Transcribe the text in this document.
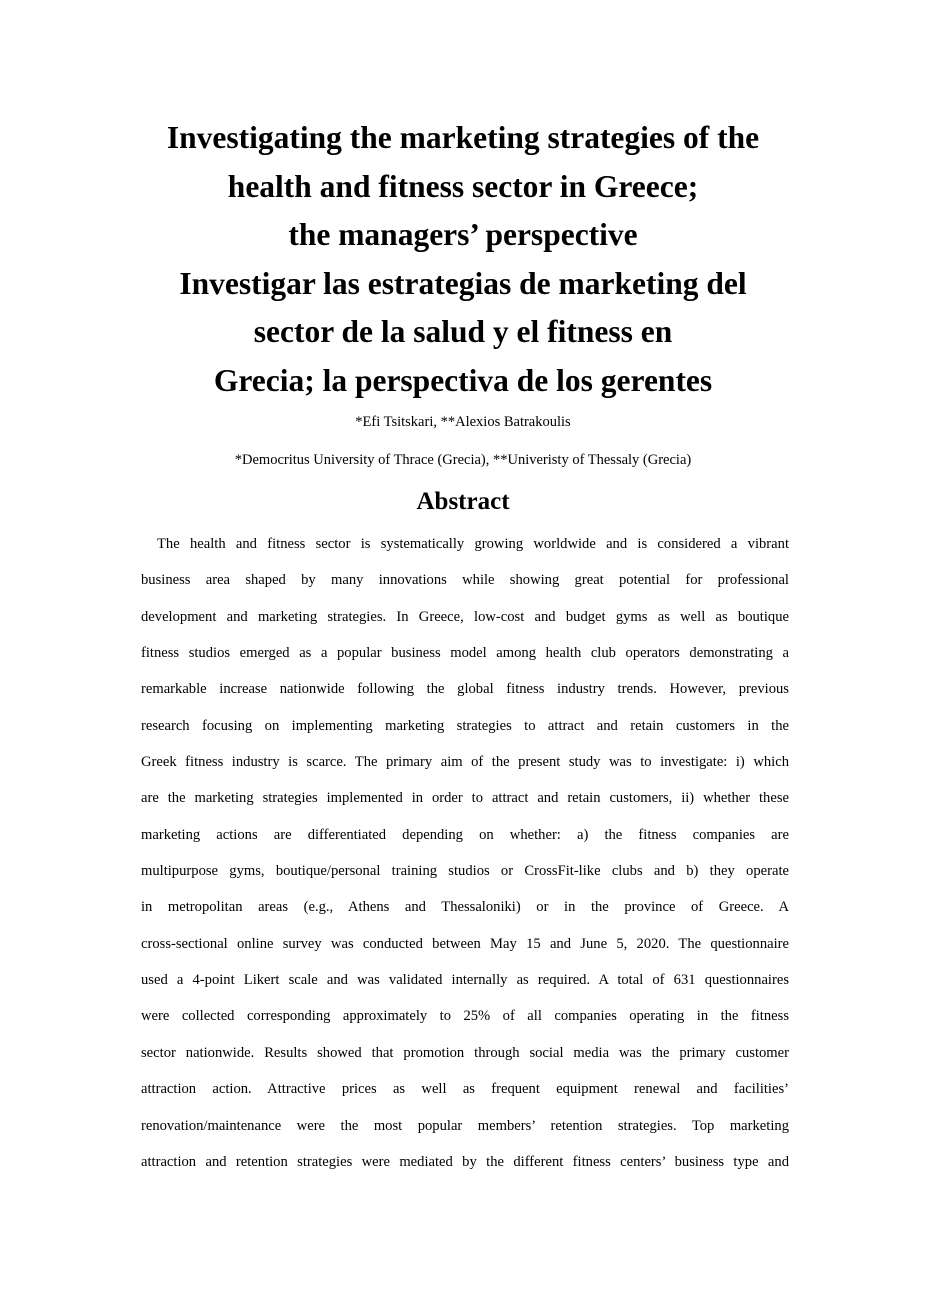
Investigating the marketing strategies of the
health and fitness sector in Greece;
the managers’ perspective
Investigar las estrategias de marketing del
sector de la salud y el fitness en
Grecia; la perspectiva de los gerentes
*Efi Tsitskari, **Alexios Batrakoulis
*Democritus University of Thrace (Grecia), **Univeristy of Thessaly (Grecia)
Abstract
The health and fitness sector is systematically growing worldwide and is considered a vibrant
business area shaped by many innovations while showing great potential for professional
development and marketing strategies. In Greece, low-cost and budget gyms as well as boutique
fitness studios emerged as a popular business model among health club operators demonstrating a
remarkable increase nationwide following the global fitness industry trends. However, previous
research focusing on implementing marketing strategies to attract and retain customers in the
Greek fitness industry is scarce. The primary aim of the present study was to investigate: i) which
are the marketing strategies implemented in order to attract and retain customers, ii) whether these
marketing actions are differentiated depending on whether: a) the fitness companies are
multipurpose gyms, boutique/personal training studios or CrossFit-like clubs and b) they operate
in metropolitan areas (e.g., Athens and Thessaloniki) or in the province of Greece. A
cross-sectional online survey was conducted between May 15 and June 5, 2020. The questionnaire
used a 4-point Likert scale and was validated internally as required. A total of 631 questionnaires
were collected corresponding approximately to 25% of all companies operating in the fitness
sector nationwide. Results showed that promotion through social media was the primary customer
attraction action. Attractive prices as well as frequent equipment renewal and facilities’
renovation/maintenance were the most popular members’ retention strategies. Top marketing
attraction and retention strategies were mediated by the different fitness centers’ business type and
